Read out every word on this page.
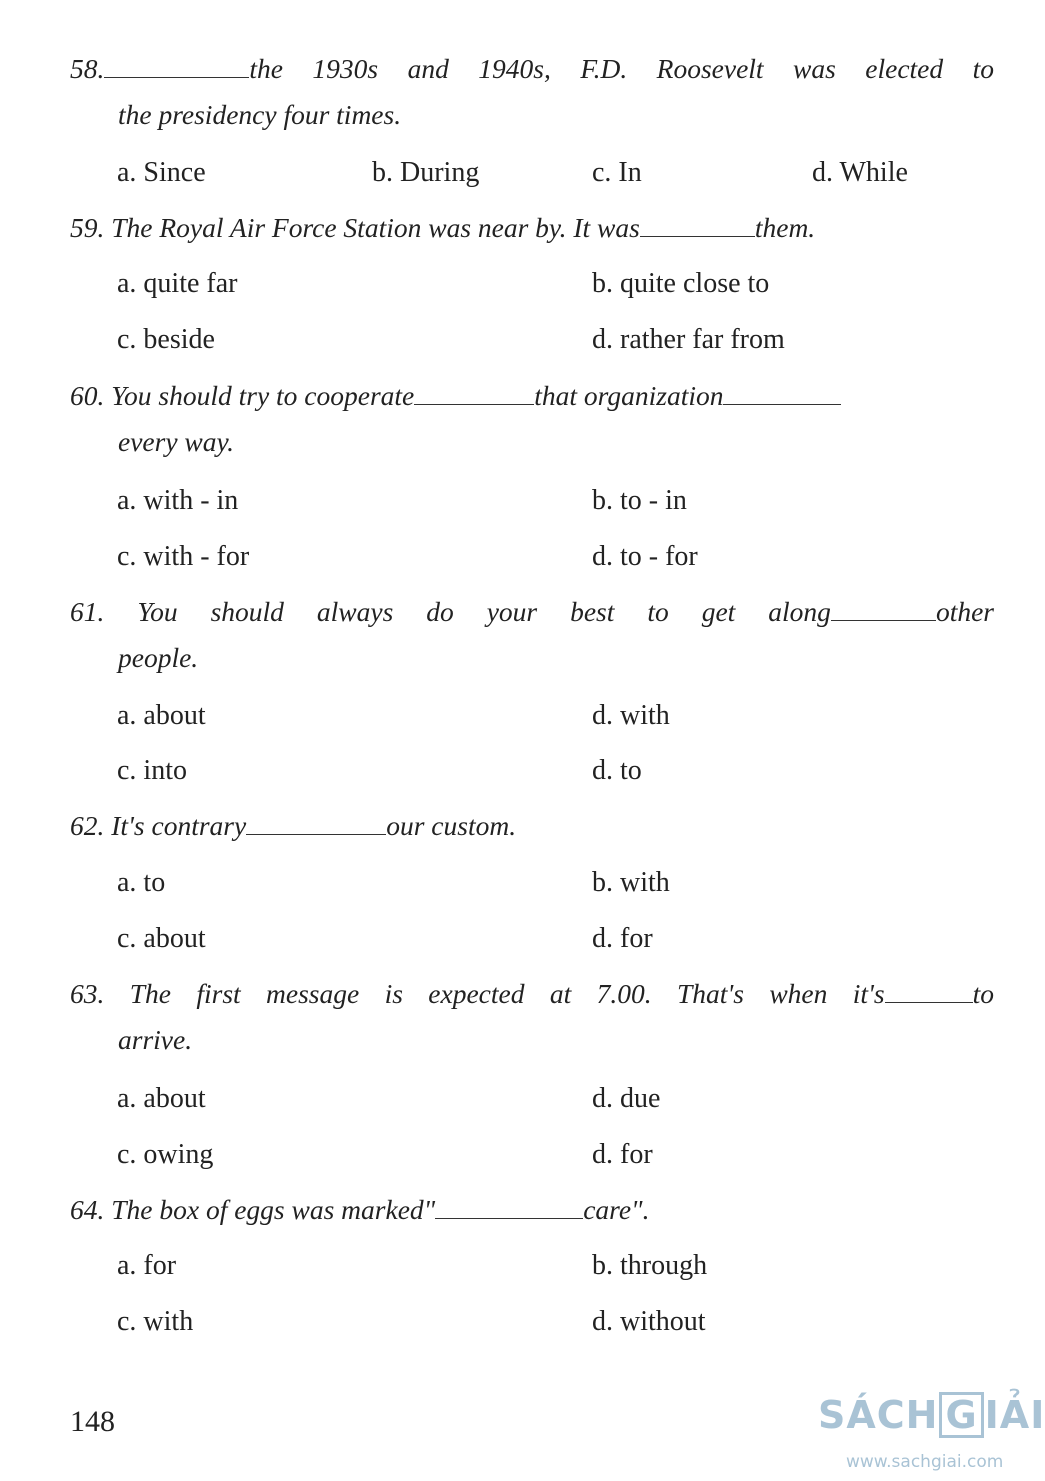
58.	the 1930s and 1940s, F.D. Roosevelt was elected to
the presidency four times.
a. Since	b. During	c. In	d. While
59. The Royal Air Force Station was near by. It was	them.
a. quite far	b. quite close to
c. beside	d. rather far from
60. You should try to cooperate	that organization
every way.
a. with - in	b. to - in
c. with - for	d. to - for
61. You should always do your best to get along	other
people.
a. about	d. with
c. into	d. to
62. It's contrary	our custom.
a. to	b. with
c. about	d. for
63. The first message is expected at 7.00. That's when it's	to
arrive.
a. about	d. due
c. owing	d. for
64. The box of eggs was marked"	care".
a. for	b. through
c. with	d. without
148	SÁCH G IẢI
www.sachgiai.com
